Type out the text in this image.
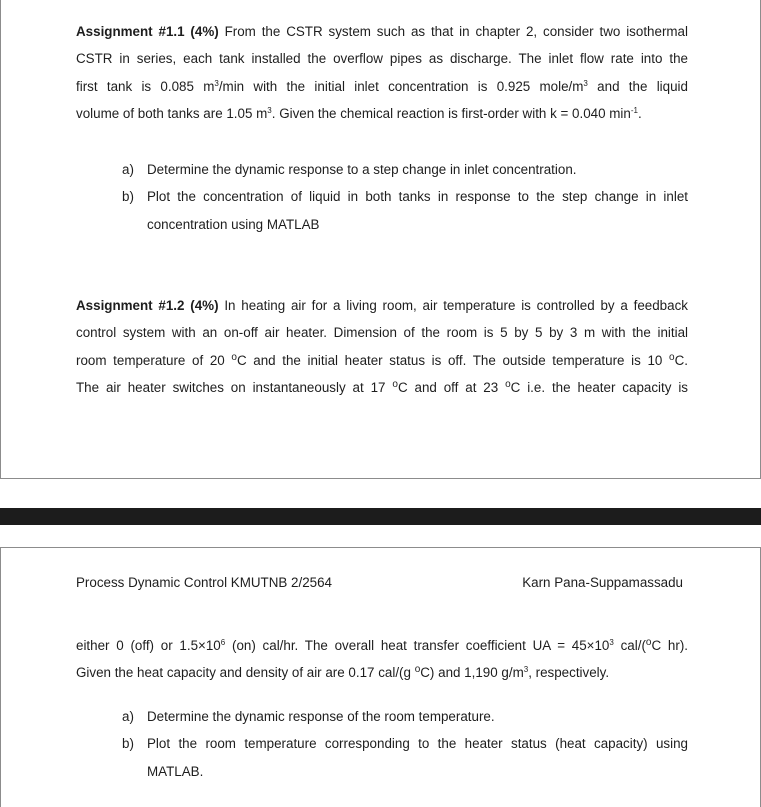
Assignment #1.1 (4%) From the CSTR system such as that in chapter 2, consider two isothermal
CSTR in series, each tank installed the overflow pipes as discharge. The inlet flow rate into the
first tank is 0.085 $m^3/\min$ with the initial inlet concentration is 0.925 mole/$m^3$ and the liquid
volume of both tanks are 1.05 $m^3$. Given the chemical reaction is first-order with k = 0.040 $\min^{-1}$.
a) Determine the dynamic response to a step change in inlet concentration.
b) Plot the concentration of liquid in both tanks in response to the step change in inlet
concentration using MATLAB
Assignment #1.2 (4%) In heating air for a living room, air temperature is controlled by a feedback
control system with an on-off air heater. Dimension of the room is 5 by 5 by 3 m with the initial
room temperature of 20 $^o$C and the initial heater status is off. The outside temperature is 10 $^o$C.
The air heater switches on instantaneously at 17 $^o$C and off at 23 $^o$C i.e. the heater capacity is
Process Dynamic Control KMUTNB 2/2564	Karn Pana-Suppamassadu
either 0 (off) or $1.5\times 10^6$ (on) cal/hr. The overall heat transfer coefficient UA = $45\times 10^3$ cal/($^o$C hr).
Given the heat capacity and density of air are 0.17 cal/(g $^o$C) and 1,190 $g/m^3$, respectively.
a) Determine the dynamic response of the room temperature.
b) Plot the room temperature corresponding to the heater status (heat capacity) using
MATLAB.
